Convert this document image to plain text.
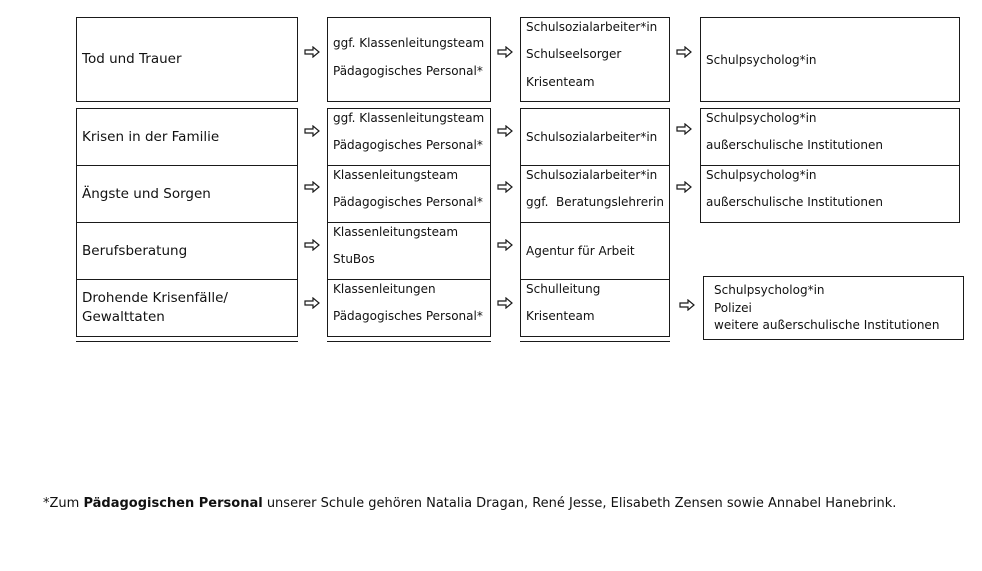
Tod und Trauer
Krisen in der Familie
Ängste und Sorgen
Berufsberatung
Drohende Krisenfälle/
Gewalttaten
ggf. Klassenleitungsteam
Pädagogisches Personal*
ggf. Klassenleitungsteam
Pädagogisches Personal*
Klassenleitungsteam
Pädagogisches Personal*
Klassenleitungsteam
StuBos
Klassenleitungen
Pädagogisches Personal*
Schulsozialarbeiter*in
Schulseelsorger
Krisenteam
Schulsozialarbeiter*in
Schulsozialarbeiter*in
ggf.  Beratungslehrerin
Agentur für Arbeit
Schulleitung
Krisenteam
Schulpsycholog*in
Schulpsycholog*in
außerschulische Institutionen
Schulpsycholog*in
außerschulische Institutionen
Schulpsycholog*in
Polizei
weitere außerschulische Institutionen
*Zum Pädagogischen Personal unserer Schule gehören Natalia Dragan, René Jesse, Elisabeth Zensen sowie Annabel Hanebrink.
